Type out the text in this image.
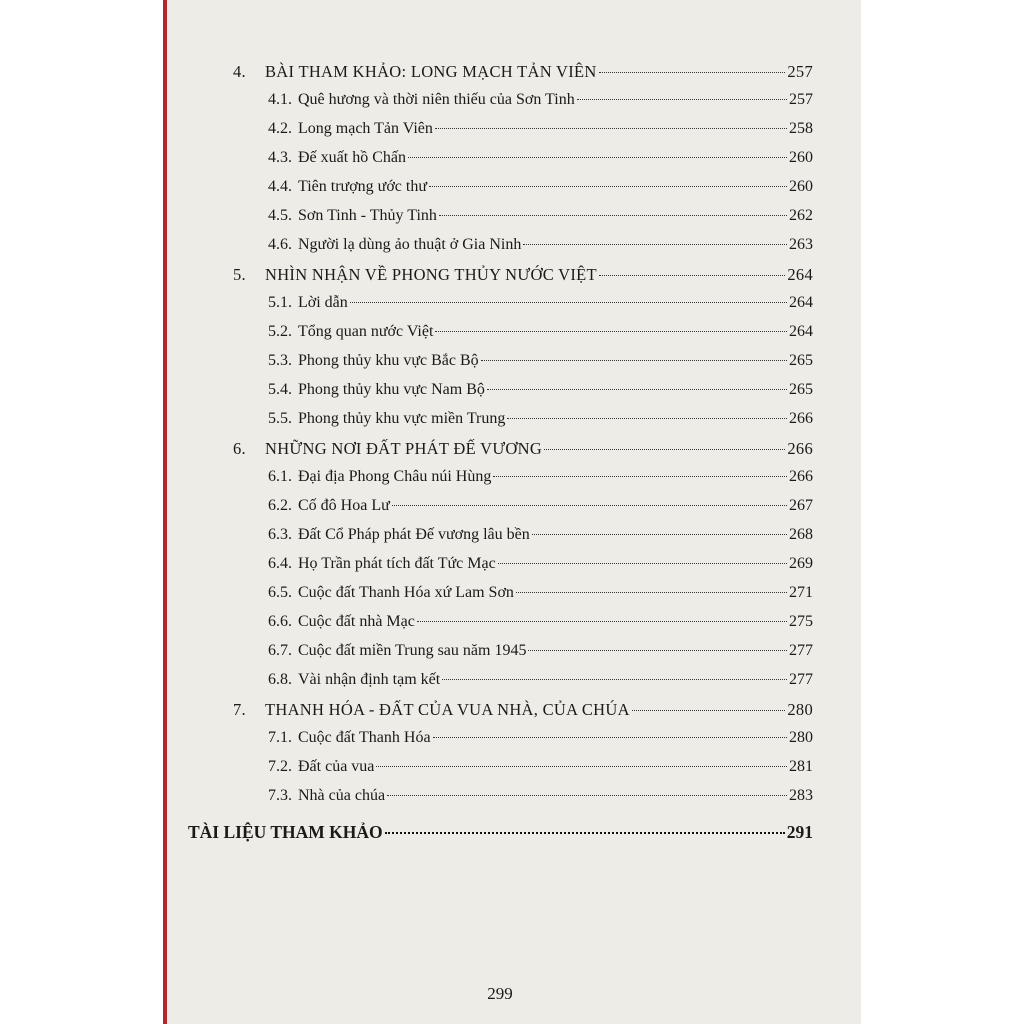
4.	BÀI THAM KHẢO: LONG MẠCH TẢN VIÊN	257
4.1. Quê hương và thời niên thiếu của Sơn Tinh	257
4.2. Long mạch Tản Viên	258
4.3. Đế xuất hồ Chấn	260
4.4. Tiên trượng ước thư	260
4.5. Sơn Tinh - Thủy Tinh	262
4.6. Người lạ dùng ảo thuật ở Gia Ninh	263
5.	NHÌN NHẬN VỀ PHONG THỦY NƯỚC VIỆT	264
5.1. Lời dẫn	264
5.2. Tổng quan nước Việt	264
5.3. Phong thủy khu vực Bắc Bộ	265
5.4. Phong thủy khu vực Nam Bộ	265
5.5. Phong thủy khu vực miền Trung	266
6.	NHỮNG NƠI ĐẤT PHÁT ĐẾ VƯƠNG	266
6.1. Đại địa Phong Châu núi Hùng	266
6.2. Cố đô Hoa Lư	267
6.3. Đất Cổ Pháp phát Đế vương lâu bền	268
6.4. Họ Trần phát tích đất Tức Mạc	269
6.5. Cuộc đất Thanh Hóa xứ Lam Sơn	271
6.6. Cuộc đất nhà Mạc	275
6.7. Cuộc đất miền Trung sau năm 1945	277
6.8. Vài nhận định tạm kết	277
7.	THANH HÓA - ĐẤT CỦA VUA NHÀ, CỦA CHÚA	280
7.1. Cuộc đất Thanh Hóa	280
7.2. Đất của vua	281
7.3. Nhà của chúa	283
TÀI LIỆU THAM KHẢO	291
299
